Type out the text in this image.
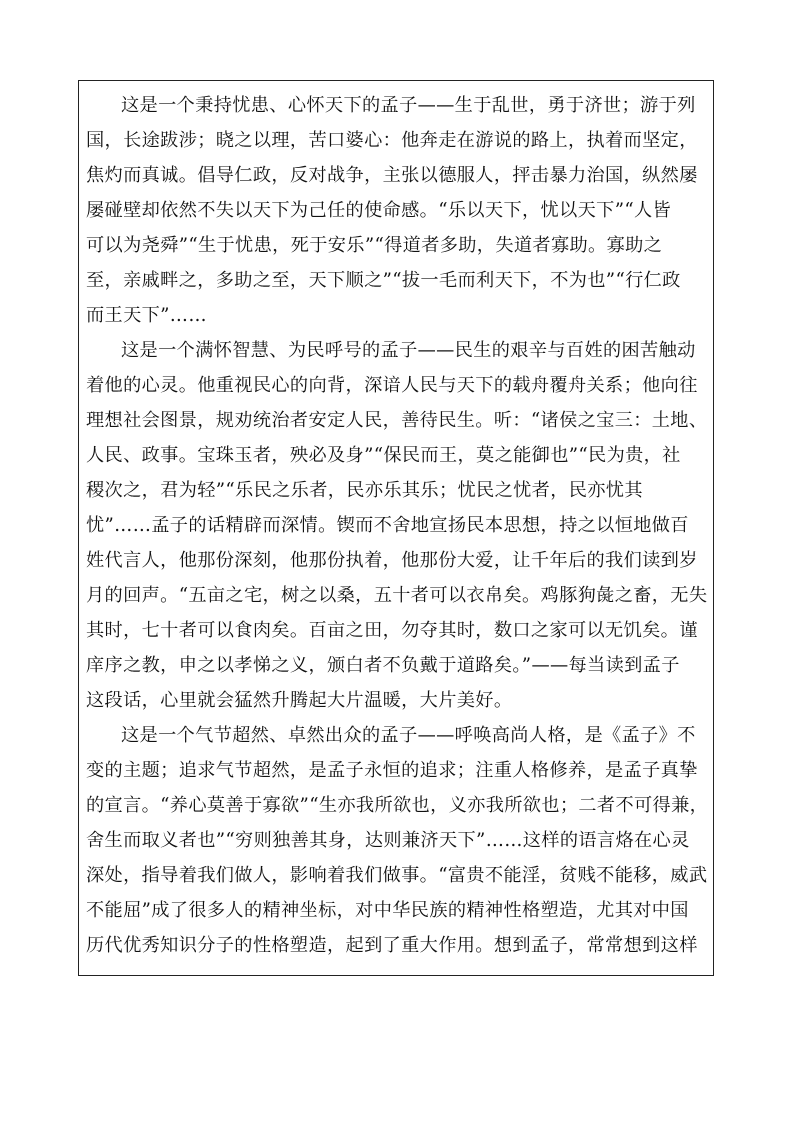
这是一个秉持忧患、心怀天下的孟子——生于乱世，勇于济世；游于列
国，长途跋涉；晓之以理，苦口婆心：他奔走在游说的路上，执着而坚定，
焦灼而真诚。倡导仁政，反对战争，主张以德服人，抨击暴力治国，纵然屡
屡碰壁却依然不失以天下为己任的使命感。“乐以天下，忧以天下”“人皆
可以为尧舜”“生于忧患，死于安乐”“得道者多助，失道者寡助。寡助之
至，亲戚畔之，多助之至，天下顺之”“拔一毛而利天下，不为也”“行仁政
而王天下”……
这是一个满怀智慧、为民呼号的孟子——民生的艰辛与百姓的困苦触动
着他的心灵。他重视民心的向背，深谙人民与天下的载舟覆舟关系；他向往
理想社会图景，规劝统治者安定人民，善待民生。听：“诸侯之宝三：土地、
人民、政事。宝珠玉者，殃必及身”“保民而王，莫之能御也”“民为贵，社
稷次之，君为轻”“乐民之乐者，民亦乐其乐；忧民之忧者，民亦忧其
忧”……孟子的话精辟而深情。锲而不舍地宣扬民本思想，持之以恒地做百
姓代言人，他那份深刻，他那份执着，他那份大爱，让千年后的我们读到岁
月的回声。“五亩之宅，树之以桑，五十者可以衣帛矣。鸡豚狗彘之畜，无失
其时，七十者可以食肉矣。百亩之田，勿夺其时，数口之家可以无饥矣。谨
庠序之教，申之以孝悌之义，颁白者不负戴于道路矣。”——每当读到孟子
这段话，心里就会猛然升腾起大片温暖，大片美好。
这是一个气节超然、卓然出众的孟子——呼唤高尚人格，是《孟子》不
变的主题；追求气节超然，是孟子永恒的追求；注重人格修养，是孟子真挚
的宣言。“养心莫善于寡欲”“生亦我所欲也，义亦我所欲也；二者不可得兼，
舍生而取义者也”“穷则独善其身，达则兼济天下”……这样的语言烙在心灵
深处，指导着我们做人，影响着我们做事。“富贵不能淫，贫贱不能移，威武
不能屈”成了很多人的精神坐标，对中华民族的精神性格塑造，尤其对中国
历代优秀知识分子的性格塑造，起到了重大作用。想到孟子，常常想到这样
